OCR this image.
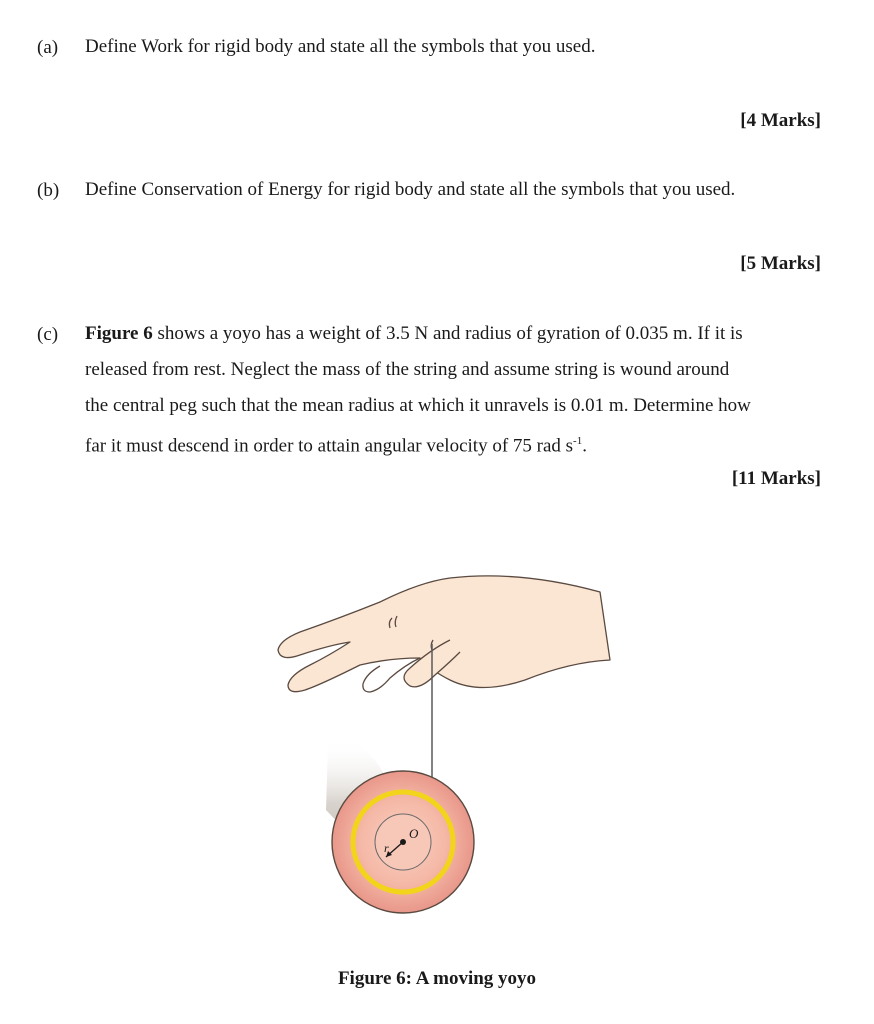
(a) Define Work for rigid body and state all the symbols that you used.
[4 Marks]
(b) Define Conservation of Energy for rigid body and state all the symbols that you used.
[5 Marks]
(c) Figure 6 shows a yoyo has a weight of 3.5 N and radius of gyration of 0.035 m. If it is
released from rest. Neglect the mass of the string and assume string is wound around
the central peg such that the mean radius at which it unravels is 0.01 m. Determine how
far it must descend in order to attain angular velocity of 75 rad $s^{-1}$.
[11 Marks]
O
r
Figure 6: A moving yoyo
